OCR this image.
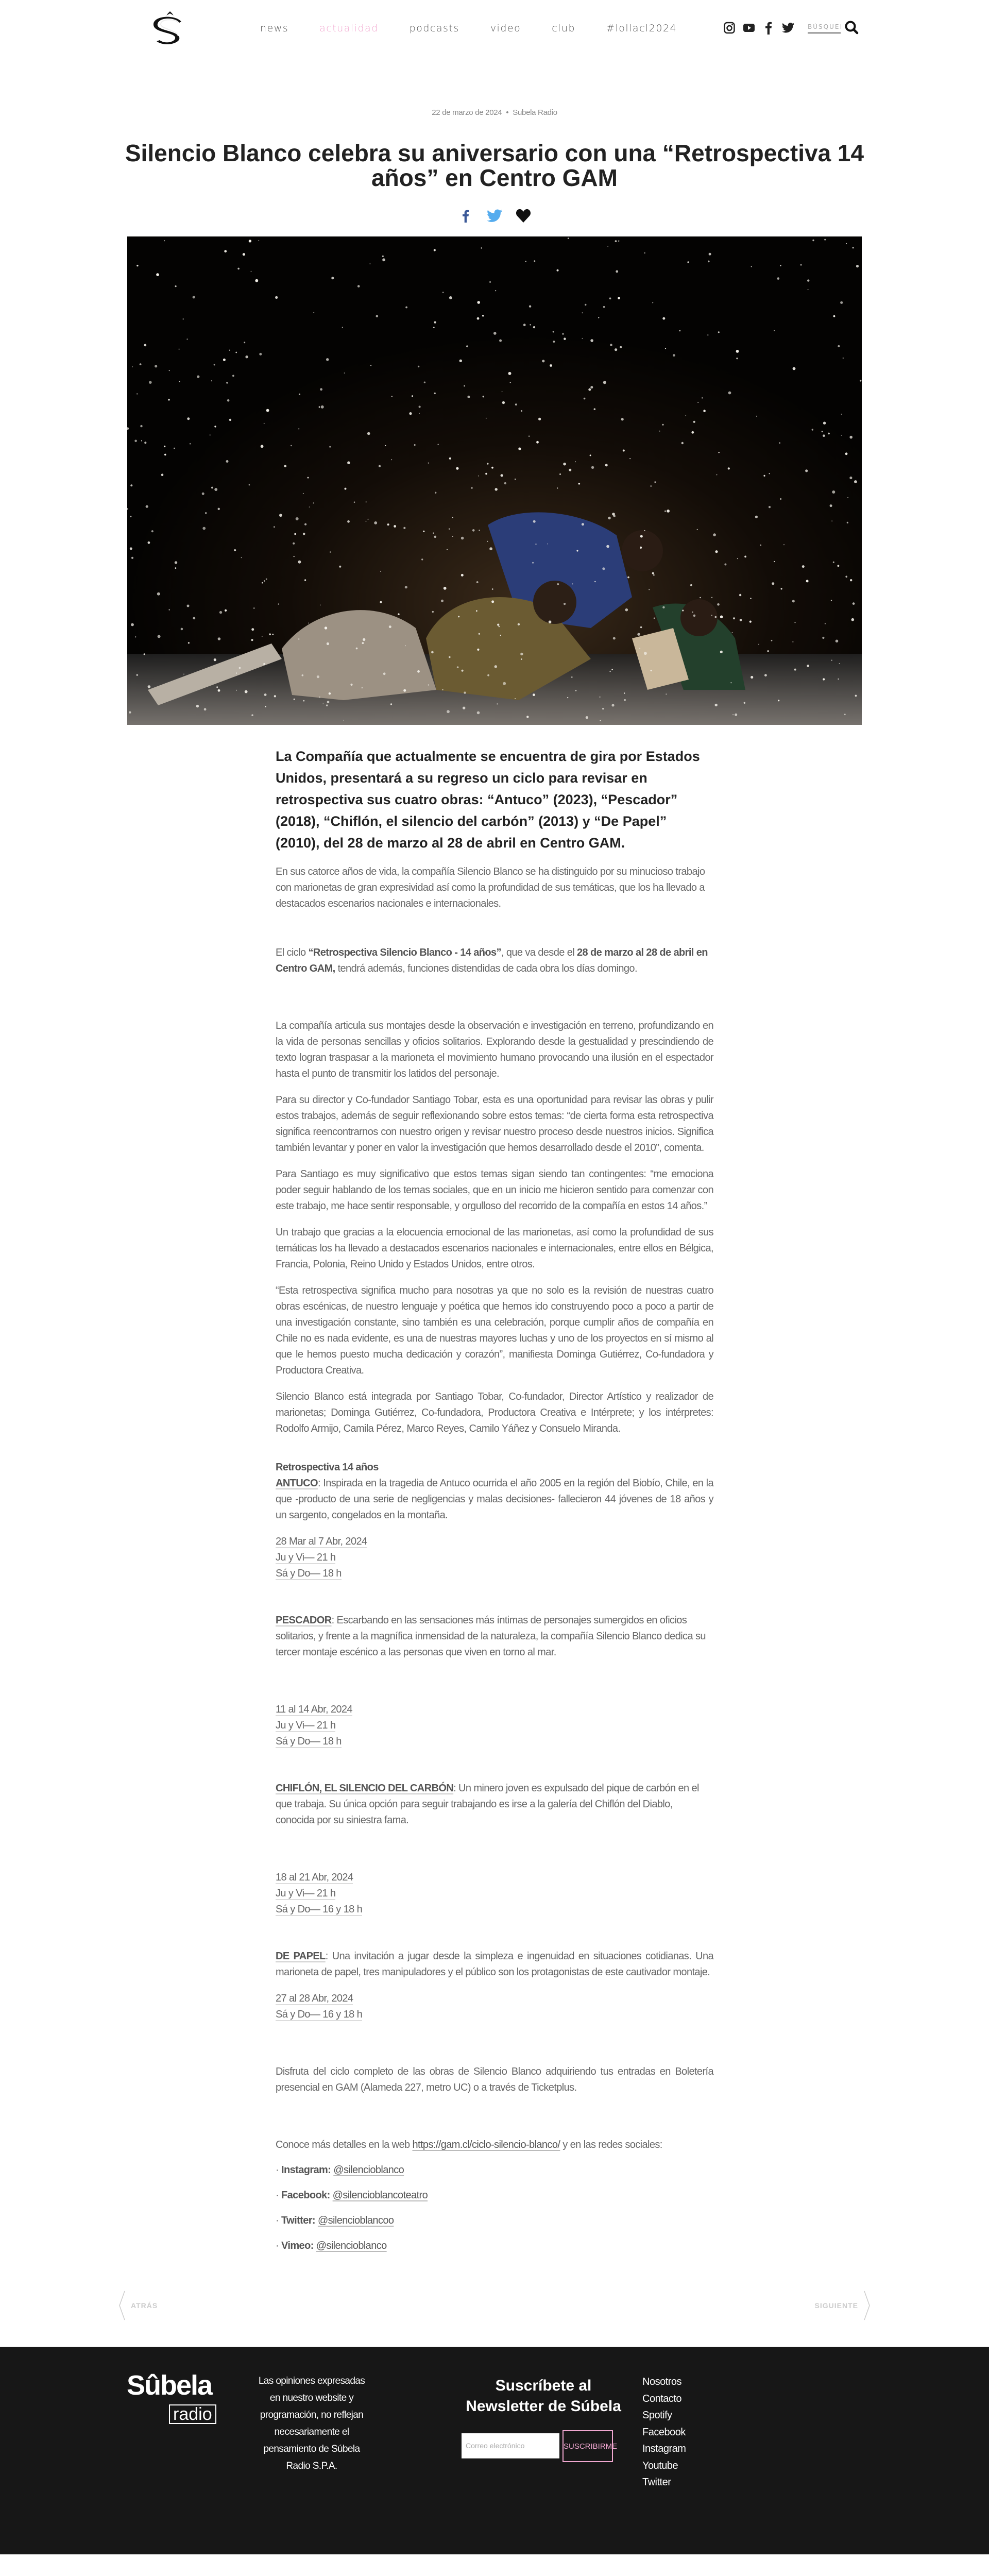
news	actualidad	podcasts	video	club	#lollacl2024
BÚSQUEDA
22 de marzo de 2024 • Subela Radio
Silencio Blanco celebra su aniversario con una “Retrospectiva 14 años” en Centro GAM

La Compañía que actualmente se encuentra de gira por Estados Unidos, presentará a su regreso un ciclo para revisar en retrospectiva sus cuatro obras: “Antuco” (2023), “Pescador” (2018), “Chiflón, el silencio del carbón” (2013) y “De Papel” (2010), del 28 de marzo al 28 de abril en Centro GAM.

En sus catorce años de vida, la compañía Silencio Blanco se ha distinguido por su minucioso trabajo con marionetas de gran expresividad así como la profundidad de sus temáticas, que los ha llevado a destacados escenarios nacionales e internacionales.

El ciclo “Retrospectiva Silencio Blanco - 14 años”, que va desde el 28 de marzo al 28 de abril en Centro GAM, tendrá además, funciones distendidas de cada obra los días domingo.

La compañía articula sus montajes desde la observación e investigación en terreno, profundizando en la vida de personas sencillas y oficios solitarios. Explorando desde la gestualidad y prescindiendo de texto logran traspasar a la marioneta el movimiento humano provocando una ilusión en el espectador hasta el punto de transmitir los latidos del personaje.

Para su director y Co-fundador Santiago Tobar, esta es una oportunidad para revisar las obras y pulir estos trabajos, además de seguir reflexionando sobre estos temas: “de cierta forma esta retrospectiva significa reencontrarnos con nuestro origen y revisar nuestro proceso desde nuestros inicios. Significa también levantar y poner en valor la investigación que hemos desarrollado desde el 2010”, comenta.

Para Santiago es muy significativo que estos temas sigan siendo tan contingentes: “me emociona poder seguir hablando de los temas sociales, que en un inicio me hicieron sentido para comenzar con este trabajo, me hace sentir responsable, y orgulloso del recorrido de la compañía en estos 14 años.”

Un trabajo que gracias a la elocuencia emocional de las marionetas, así como la profundidad de sus temáticas los ha llevado a destacados escenarios nacionales e internacionales, entre ellos en Bélgica, Francia, Polonia, Reino Unido y Estados Unidos, entre otros.

“Esta retrospectiva significa mucho para nosotras ya que no solo es la revisión de nuestras cuatro obras escénicas, de nuestro lenguaje y poética que hemos ido construyendo poco a poco a partir de una investigación constante, sino también es una celebración, porque cumplir años de compañía en Chile no es nada evidente, es una de nuestras mayores luchas y uno de los proyectos en sí mismo al que le hemos puesto mucha dedicación y corazón”, manifiesta Dominga Gutiérrez, Co-fundadora y Productora Creativa.

Silencio Blanco está integrada por Santiago Tobar, Co-fundador, Director Artístico y realizador de marionetas; Dominga Gutiérrez, Co-fundadora, Productora Creativa e Intérprete; y los intérpretes: Rodolfo Armijo, Camila Pérez, Marco Reyes, Camilo Yáñez y Consuelo Miranda.

Retrospectiva 14 años

ANTUCO: Inspirada en la tragedia de Antuco ocurrida el año 2005 en la región del Biobío, Chile, en la que -producto de una serie de negligencias y malas decisiones- fallecieron 44 jóvenes de 18 años y un sargento, congelados en la montaña.

28 Mar al 7 Abr, 2024
Ju y Vi— 21 h
Sá y Do— 18 h

PESCADOR: Escarbando en las sensaciones más íntimas de personajes sumergidos en oficios solitarios, y frente a la magnífica inmensidad de la naturaleza, la compañía Silencio Blanco dedica su tercer montaje escénico a las personas que viven en torno al mar.

11 al 14 Abr, 2024
Ju y Vi— 21 h
Sá y Do— 18 h

CHIFLÓN, EL SILENCIO DEL CARBÓN: Un minero joven es expulsado del pique de carbón en el que trabaja. Su única opción para seguir trabajando es irse a la galería del Chiflón del Diablo, conocida por su siniestra fama.

18 al 21 Abr, 2024
Ju y Vi— 21 h
Sá y Do— 16 y 18 h

DE PAPEL: Una invitación a jugar desde la simpleza e ingenuidad en situaciones cotidianas. Una marioneta de papel, tres manipuladores y el público son los protagonistas de este cautivador montaje.

27 al 28 Abr, 2024
Sá y Do— 16 y 18 h

Disfruta del ciclo completo de las obras de Silencio Blanco adquiriendo tus entradas en Boletería presencial en GAM (Alameda 227, metro UC) o a través de Ticketplus.

Conoce más detalles en la web https://gam.cl/ciclo-silencio-blanco/ y en las redes sociales:

· Instagram: @silencioblanco
· Facebook: @silencioblancoteatro
· Twitter: @silencioblancoo
· Vimeo: @silencioblanco
ATRÁS	SIGUIENTE
Sûbela
radio

Las opiniones expresadas en nuestro website y programación, no reflejan necesariamente el pensamiento de Súbela Radio S.P.A.

Suscríbete al Newsletter de Súbela
Correo electrónico
SUSCRIBIRME
Nosotros
Contacto
Spotify
Facebook
Instagram
Youtube
Twitter
